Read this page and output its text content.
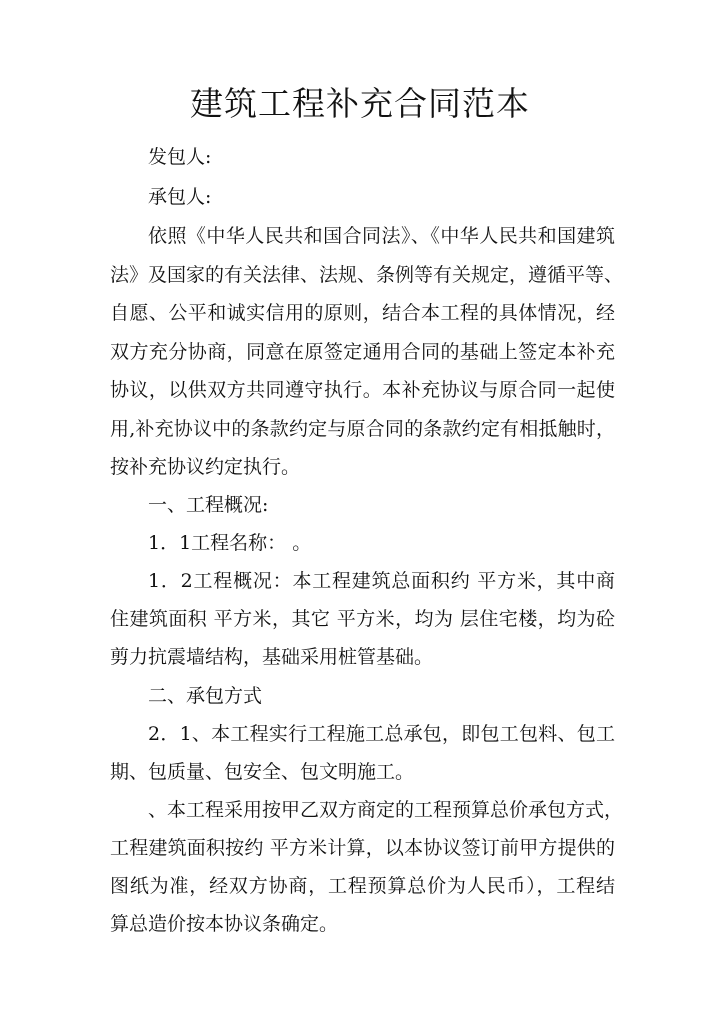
建筑工程补充合同范本

发包人:

承包人:

依照《中华人民共和国合同法》、《中华人民共和国建筑

法》及国家的有关法律、法规、条例等有关规定，遵循平等、

自愿、公平和诚实信用的原则，结合本工程的具体情况，经

双方充分协商，同意在原签定通用合同的基础上签定本补充

协议，以供双方共同遵守执行。本补充协议与原合同一起使

用,补充协议中的条款约定与原合同的条款约定有相抵触时，

按补充协议约定执行。

一、工程概况:

1．1工程名称： 。

1．2工程概况：本工程建筑总面积约 平方米，其中商

住建筑面积 平方米，其它 平方米，均为 层住宅楼，均为砼

剪力抗震墙结构，基础采用桩管基础。

二、承包方式

2．1、本工程实行工程施工总承包，即包工包料、包工

期、包质量、包安全、包文明施工。

、本工程采用按甲乙双方商定的工程预算总价承包方式，

工程建筑面积按约 平方米计算，以本协议签订前甲方提供的

图纸为准，经双方协商，工程预算总价为人民币），工程结

算总造价按本协议条确定。
